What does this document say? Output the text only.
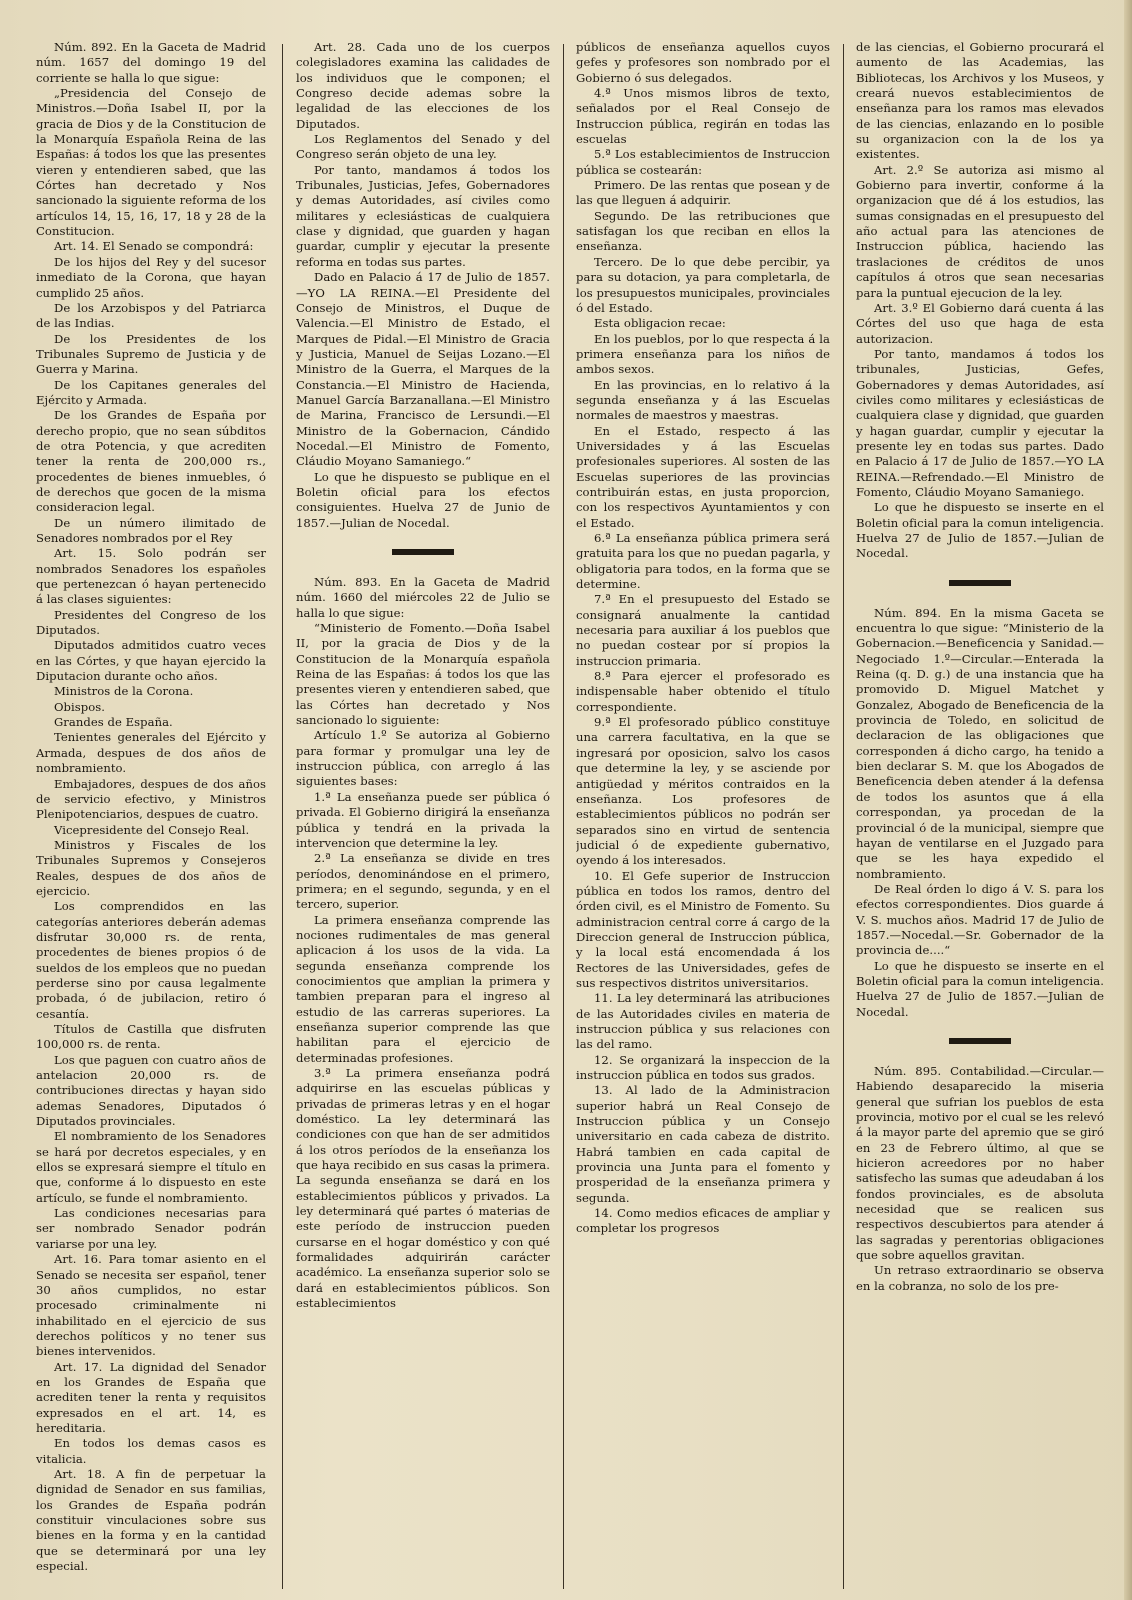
Núm. 892. En la Gaceta de Madrid núm. 1657 del domingo 19 del corriente se halla lo que sigue:

„Presidencia del Consejo de Ministros.—Doña Isabel II, por la gracia de Dios y de la Constitucion de la Monarquía Española Reina de las Españas: á todos los que las presentes vieren y entendieren sabed, que las Córtes han decretado y Nos sancionado la siguiente reforma de los artículos 14, 15, 16, 17, 18 y 28 de la Constitucion.

Art. 14. El Senado se compondrá:

De los hijos del Rey y del sucesor inmediato de la Corona, que hayan cumplido 25 años.

De los Arzobispos y del Patriarca de las Indias.

De los Presidentes de los Tribunales Supremo de Justicia y de Guerra y Marina.

De los Capitanes generales del Ejército y Armada.

De los Grandes de España por derecho propio, que no sean súbditos de otra Potencia, y que acrediten tener la renta de 200,000 rs., procedentes de bienes inmuebles, ó de derechos que gocen de la misma consideracion legal.

De un número ilimitado de Senadores nombrados por el Rey

Art. 15. Solo podrán ser nombrados Senadores los españoles que pertenezcan ó hayan pertenecido á las clases siguientes:

Presidentes del Congreso de los Diputados.

Diputados admitidos cuatro veces en las Córtes, y que hayan ejercido la Diputacion durante ocho años.

Ministros de la Corona.

Obispos.

Grandes de España.

Tenientes generales del Ejército y Armada, despues de dos años de nombramiento.

Embajadores, despues de dos años de servicio efectivo, y Ministros Plenipotenciarios, despues de cuatro.

Vicepresidente del Consejo Real.

Ministros y Fiscales de los Tribunales Supremos y Consejeros Reales, despues de dos años de ejercicio.

Los comprendidos en las categorías anteriores deberán ademas disfrutar 30,000 rs. de renta, procedentes de bienes propios ó de sueldos de los empleos que no puedan perderse sino por causa legalmente probada, ó de jubilacion, retiro ó cesantía.

Títulos de Castilla que disfruten 100,000 rs. de renta.

Los que paguen con cuatro años de antelacion 20,000 rs. de contribuciones directas y hayan sido ademas Senadores, Diputados ó Diputados provinciales.

El nombramiento de los Senadores se hará por decretos especiales, y en ellos se expresará siempre el título en que, conforme á lo dispuesto en este artículo, se funde el nombramiento.

Las condiciones necesarias para ser nombrado Senador podrán variarse por una ley.

Art. 16. Para tomar asiento en el Senado se necesita ser español, tener 30 años cumplidos, no estar procesado criminalmente ni inhabilitado en el ejercicio de sus derechos políticos y no tener sus bienes intervenidos.

Art. 17. La dignidad del Senador en los Grandes de España que acrediten tener la renta y requisitos expresados en el art. 14, es hereditaria.

En todos los demas casos es vitalicia.

Art. 18. A fin de perpetuar la dignidad de Senador en sus familias, los Grandes de España podrán constituir vinculaciones sobre sus bienes en la forma y en la cantidad que se determinará por una ley especial.

Art. 28. Cada uno de los cuerpos colegisladores examina las calidades de los individuos que le componen; el Congreso decide ademas sobre la legalidad de las elecciones de los Diputados.

Los Reglamentos del Senado y del Congreso serán objeto de una ley.

Por tanto, mandamos á todos los Tribunales, Justicias, Jefes, Gobernadores y demas Autoridades, así civiles como militares y eclesiásticas de cualquiera clase y dignidad, que guarden y hagan guardar, cumplir y ejecutar la presente reforma en todas sus partes.

Dado en Palacio á 17 de Julio de 1857.—YO LA REINA.—El Presidente del Consejo de Ministros, el Duque de Valencia.—El Ministro de Estado, el Marques de Pidal.—El Ministro de Gracia y Justicia, Manuel de Seijas Lozano.—El Ministro de la Guerra, el Marques de la Constancia.—El Ministro de Hacienda, Manuel García Barzanallana.—El Ministro de Marina, Francisco de Lersundi.—El Ministro de la Gobernacion, Cándido Nocedal.—El Ministro de Fomento, Cláudio Moyano Samaniego.“

Lo que he dispuesto se publique en el Boletin oficial para los efectos consiguientes. Huelva 27 de Junio de 1857.—Julian de Nocedal.

Núm. 893. En la Gaceta de Madrid núm. 1660 del miércoles 22 de Julio se halla lo que sigue:

“Ministerio de Fomento.—Doña Isabel II, por la gracia de Dios y de la Constitucion de la Monarquía española Reina de las Españas: á todos los que las presentes vieren y entendieren sabed, que las Córtes han decretado y Nos sancionado lo siguiente:

Artículo 1.º Se autoriza al Gobierno para formar y promulgar una ley de instruccion pública, con arreglo á las siguientes bases:

1.ª La enseñanza puede ser pública ó privada. El Gobierno dirigirá la enseñanza pública y tendrá en la privada la intervencion que determine la ley.

2.ª La enseñanza se divide en tres períodos, denominándose en el primero, primera; en el segundo, segunda, y en el tercero, superior.

La primera enseñanza comprende las nociones rudimentales de mas general aplicacion á los usos de la vida. La segunda enseñanza comprende los conocimientos que amplian la primera y tambien preparan para el ingreso al estudio de las carreras superiores. La enseñanza superior comprende las que habilitan para el ejercicio de determinadas profesiones.

3.ª La primera enseñanza podrá adquirirse en las escuelas públicas y privadas de primeras letras y en el hogar doméstico. La ley determinará las condiciones con que han de ser admitidos á los otros períodos de la enseñanza los que haya recibido en sus casas la primera. La segunda enseñanza se dará en los establecimientos públicos y privados. La ley determinará qué partes ó materias de este período de instruccion pueden cursarse en el hogar doméstico y con qué formalidades adquirirán carácter académico. La enseñanza superior solo se dará en establecimientos públicos. Son establecimientos

públicos de enseñanza aquellos cuyos gefes y profesores son nombrado por el Gobierno ó sus delegados.

4.ª Unos mismos libros de texto, señalados por el Real Consejo de Instruccion pública, regirán en todas las escuelas

5.ª Los establecimientos de Instruccion pública se costearán:

Primero. De las rentas que posean y de las que lleguen á adquirir.

Segundo. De las retribuciones que satisfagan los que reciban en ellos la enseñanza.

Tercero. De lo que debe percibir, ya para su dotacion, ya para completarla, de los presupuestos municipales, provinciales ó del Estado.

Esta obligacion recae:

En los pueblos, por lo que respecta á la primera enseñanza para los niños de ambos sexos.

En las provincias, en lo relativo á la segunda enseñanza y á las Escuelas normales de maestros y maestras.

En el Estado, respecto á las Universidades y á las Escuelas profesionales superiores. Al sosten de las Escuelas superiores de las provincias contribuirán estas, en justa proporcion, con los respectivos Ayuntamientos y con el Estado.

6.ª La enseñanza pública primera será gratuita para los que no puedan pagarla, y obligatoria para todos, en la forma que se determine.

7.ª En el presupuesto del Estado se consignará anualmente la cantidad necesaria para auxiliar á los pueblos que no puedan costear por sí propios la instruccion primaria.

8.ª Para ejercer el profesorado es indispensable haber obtenido el título correspondiente.

9.ª El profesorado público constituye una carrera facultativa, en la que se ingresará por oposicion, salvo los casos que determine la ley, y se asciende por antigüedad y méritos contraidos en la enseñanza. Los profesores de establecimientos públicos no podrán ser separados sino en virtud de sentencia judicial ó de expediente gubernativo, oyendo á los interesados.

10. El Gefe superior de Instruccion pública en todos los ramos, dentro del órden civil, es el Ministro de Fomento. Su administracion central corre á cargo de la Direccion general de Instruccion pública, y la local está encomendada á los Rectores de las Universidades, gefes de sus respectivos distritos universitarios.

11. La ley determinará las atribuciones de las Autoridades civiles en materia de instruccion pública y sus relaciones con las del ramo.

12. Se organizará la inspeccion de la instruccion pública en todos sus grados.

13. Al lado de la Administracion superior habrá un Real Consejo de Instruccion pública y un Consejo universitario en cada cabeza de distrito. Habrá tambien en cada capital de provincia una Junta para el fomento y prosperidad de la enseñanza primera y segunda.

14. Como medios eficaces de ampliar y completar los progresos

de las ciencias, el Gobierno procurará el aumento de las Academias, las Bibliotecas, los Archivos y los Museos, y creará nuevos establecimientos de enseñanza para los ramos mas elevados de las ciencias, enlazando en lo posible su organizacion con la de los ya existentes.

Art. 2.º Se autoriza asi mismo al Gobierno para invertir, conforme á la organizacion que dé á los estudios, las sumas consignadas en el presupuesto del año actual para las atenciones de Instruccion pública, haciendo las traslaciones de créditos de unos capítulos á otros que sean necesarias para la puntual ejecucion de la ley.

Art. 3.º El Gobierno dará cuenta á las Córtes del uso que haga de esta autorizacion.

Por tanto, mandamos á todos los tribunales, Justicias, Gefes, Gobernadores y demas Autoridades, así civiles como militares y eclesiásticas de cualquiera clase y dignidad, que guarden y hagan guardar, cumplir y ejecutar la presente ley en todas sus partes. Dado en Palacio á 17 de Julio de 1857.—YO LA REINA.—Refrendado.—El Ministro de Fomento, Cláudio Moyano Samaniego.

Lo que he dispuesto se inserte en el Boletin oficial para la comun inteligencia. Huelva 27 de Julio de 1857.—Julian de Nocedal.

Núm. 894. En la misma Gaceta se encuentra lo que sigue: “Ministerio de la Gobernacion.—Beneficencia y Sanidad.—Negociado 1.º—Circular.—Enterada la Reina (q. D. g.) de una instancia que ha promovido D. Miguel Matchet y Gonzalez, Abogado de Beneficencia de la provincia de Toledo, en solicitud de declaracion de las obligaciones que corresponden á dicho cargo, ha tenido a bien declarar S. M. que los Abogados de Beneficencia deben atender á la defensa de todos los asuntos que á ella correspondan, ya procedan de la provincial ó de la municipal, siempre que hayan de ventilarse en el Juzgado para que se les haya expedido el nombramiento.

De Real órden lo digo á V. S. para los efectos correspondientes. Dios guarde á V. S. muchos años. Madrid 17 de Julio de 1857.—Nocedal.—Sr. Gobernador de la provincia de....“

Lo que he dispuesto se inserte en el Boletin oficial para la comun inteligencia. Huelva 27 de Julio de 1857.—Julian de Nocedal.

Núm. 895. Contabilidad.—Circular.—Habiendo desaparecido la miseria general que sufrian los pueblos de esta provincia, motivo por el cual se les relevó á la mayor parte del apremio que se giró en 23 de Febrero último, al que se hicieron acreedores por no haber satisfecho las sumas que adeudaban á los fondos provinciales, es de absoluta necesidad que se realicen sus respectivos descubiertos para atender á las sagradas y perentorias obligaciones que sobre aquellos gravitan.

Un retraso extraordinario se observa en la cobranza, no solo de los pre-
